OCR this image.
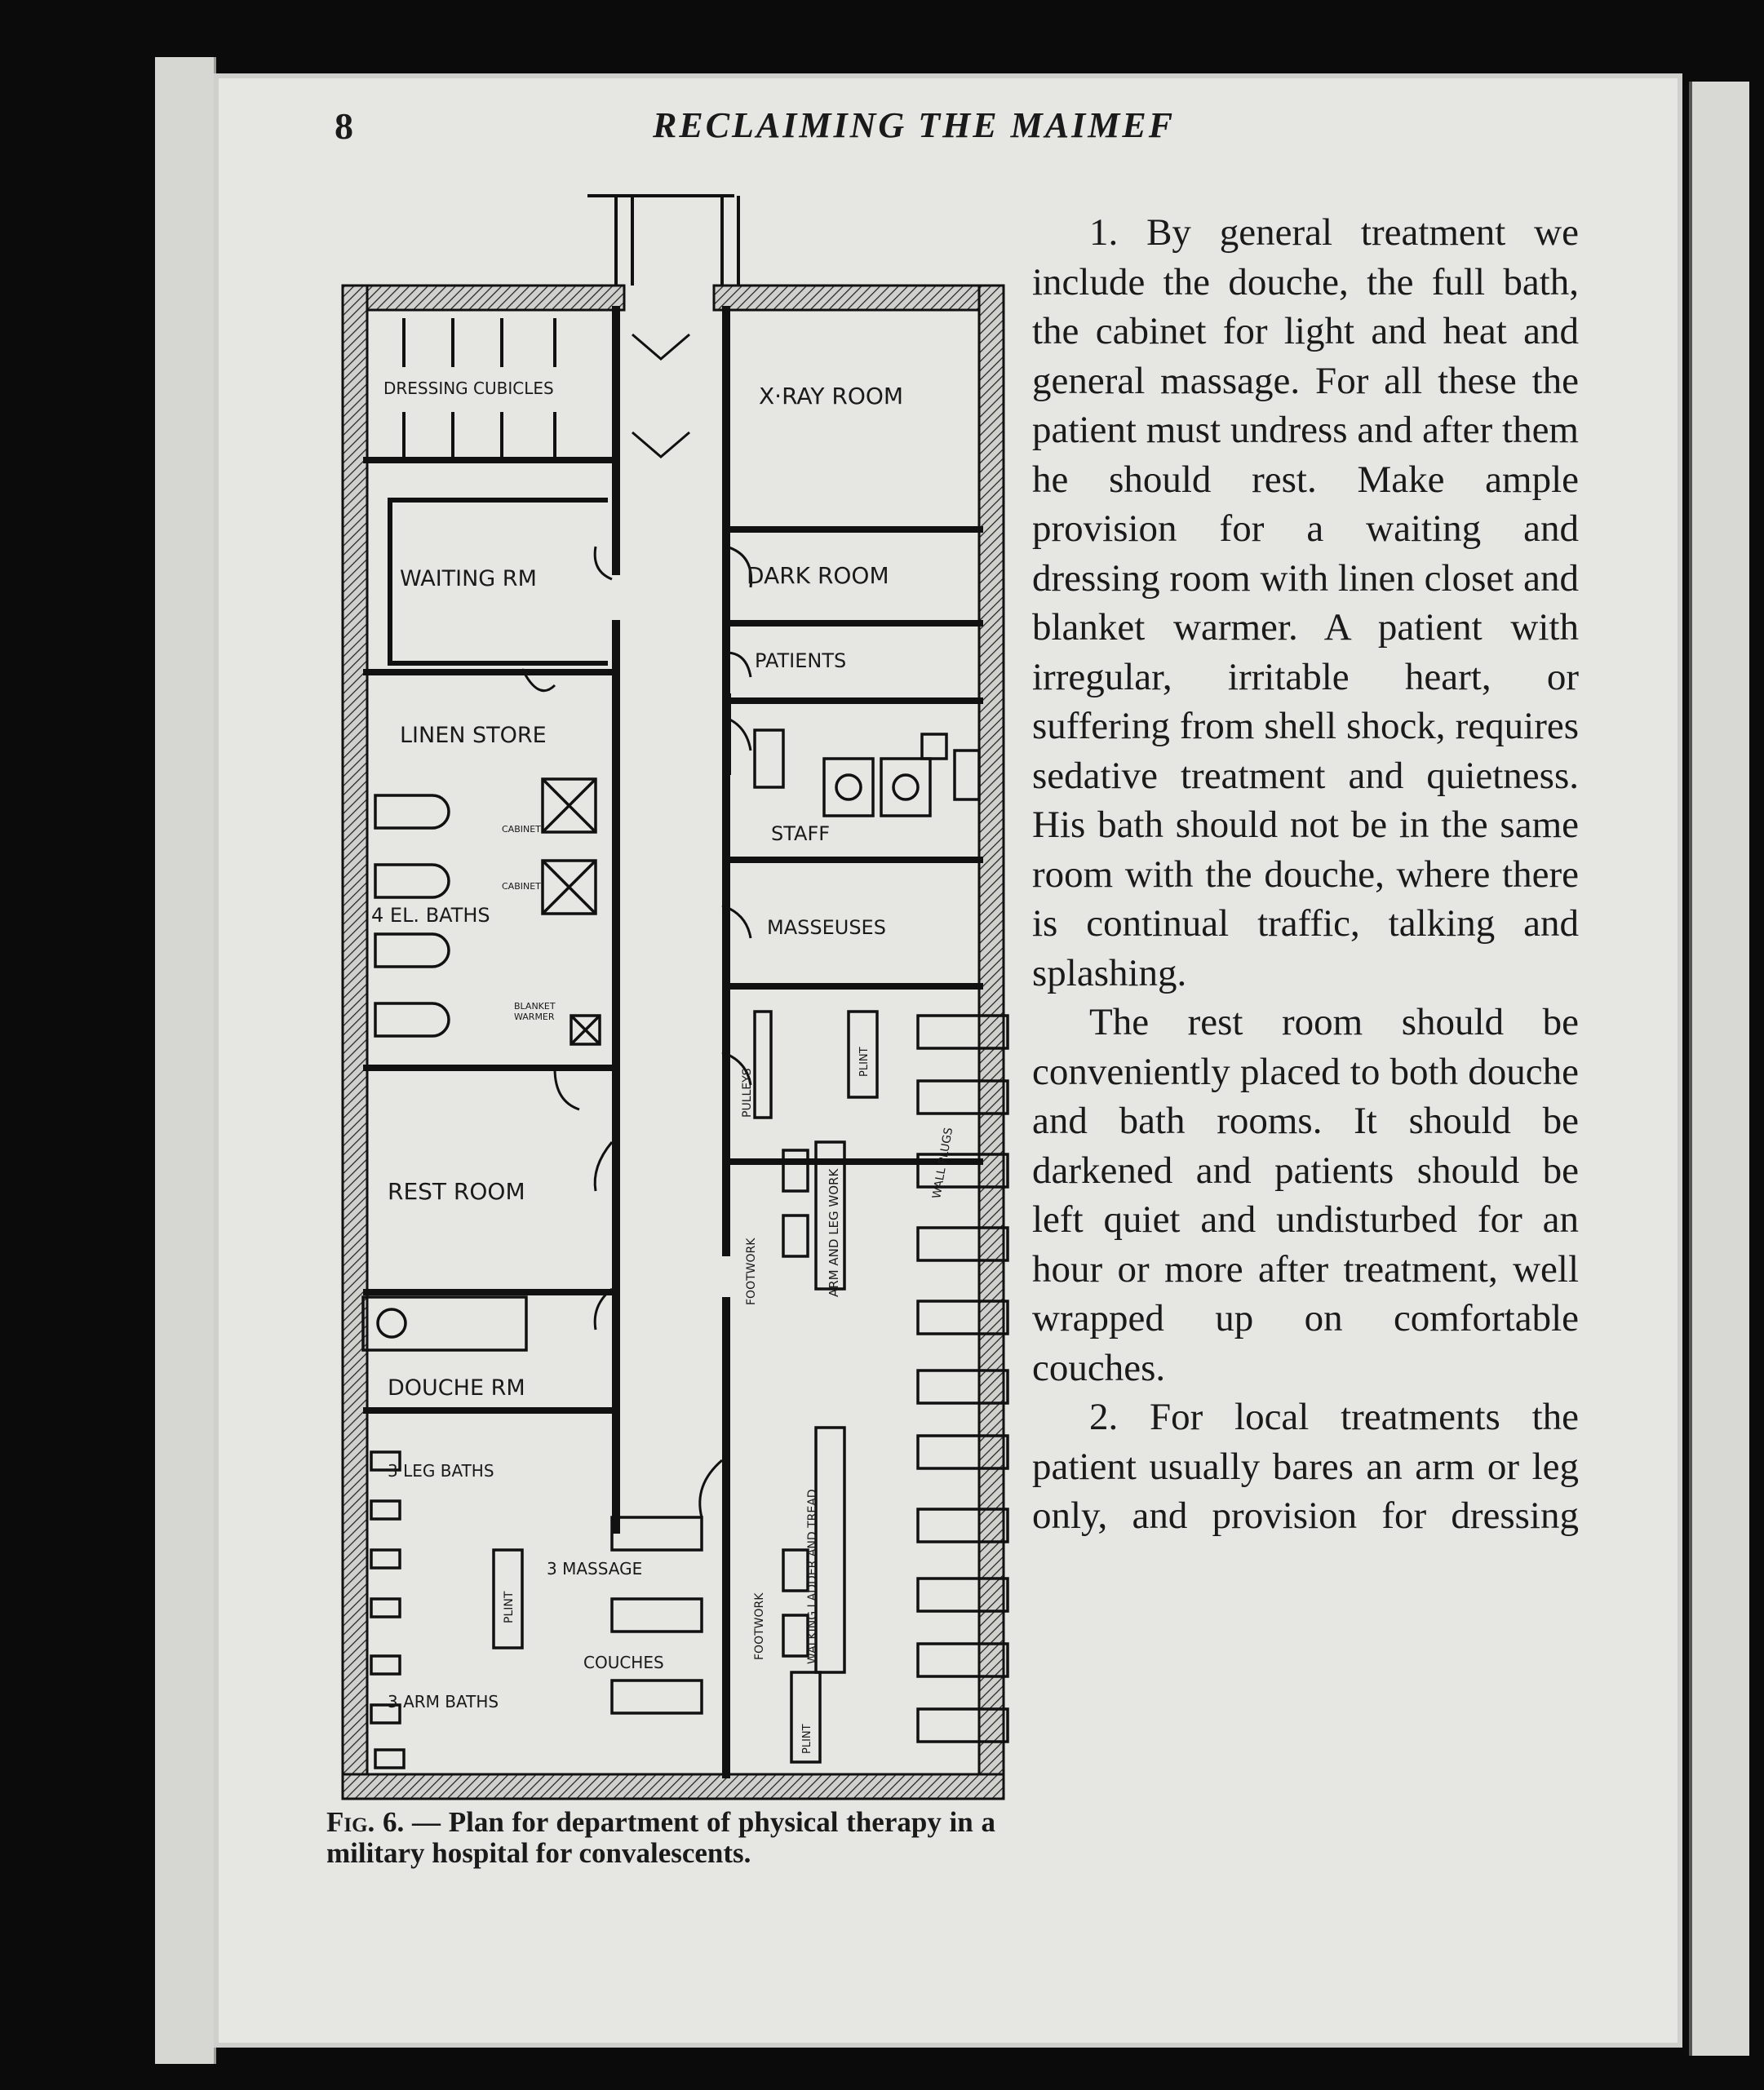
8	RECLAIMING THE MAIMEF
DRESSING CUBICLES
WAITING RM
LINEN STORE
CABINET
CABINET
4 EL. BATHS
BLANKET
WARMER
REST ROOM
DOUCHE RM
3 LEG BATHS
3 ARM BATHS
PLINT
3 MASSAGE
COUCHES
X·RAY ROOM
DARK ROOM
PATIENTS
STAFF
MASSEUSES
PULLEYS
PLINT
WALL PLUGS
FOOTWORK	ARM AND LEG WORK
WALKING LADDER AND TREAD
FOOTWORK
PLINT
Fig. 6. — Plan for department of physical therapy in a military hospital for convalescents.

1. By general treatment we include the douche, the full bath, the cabinet for light and heat and general massage. For all these the patient must undress and after them he should rest. Make ample provision for a waiting and dressing room with linen closet and blanket warmer. A patient with irregular, irritable heart, or suffering from shell shock, requires sedative treatment and quietness. His bath should not be in the same room with the douche, where there is continual traffic, talking and splashing.

The rest room should be conveniently placed to both douche and bath rooms. It should be darkened and patients should be left quiet and undisturbed for an hour or more after treatment, well wrapped up on comfortable couches.

2. For local treatments the patient usually bares an arm or leg only, and provision for dressing
